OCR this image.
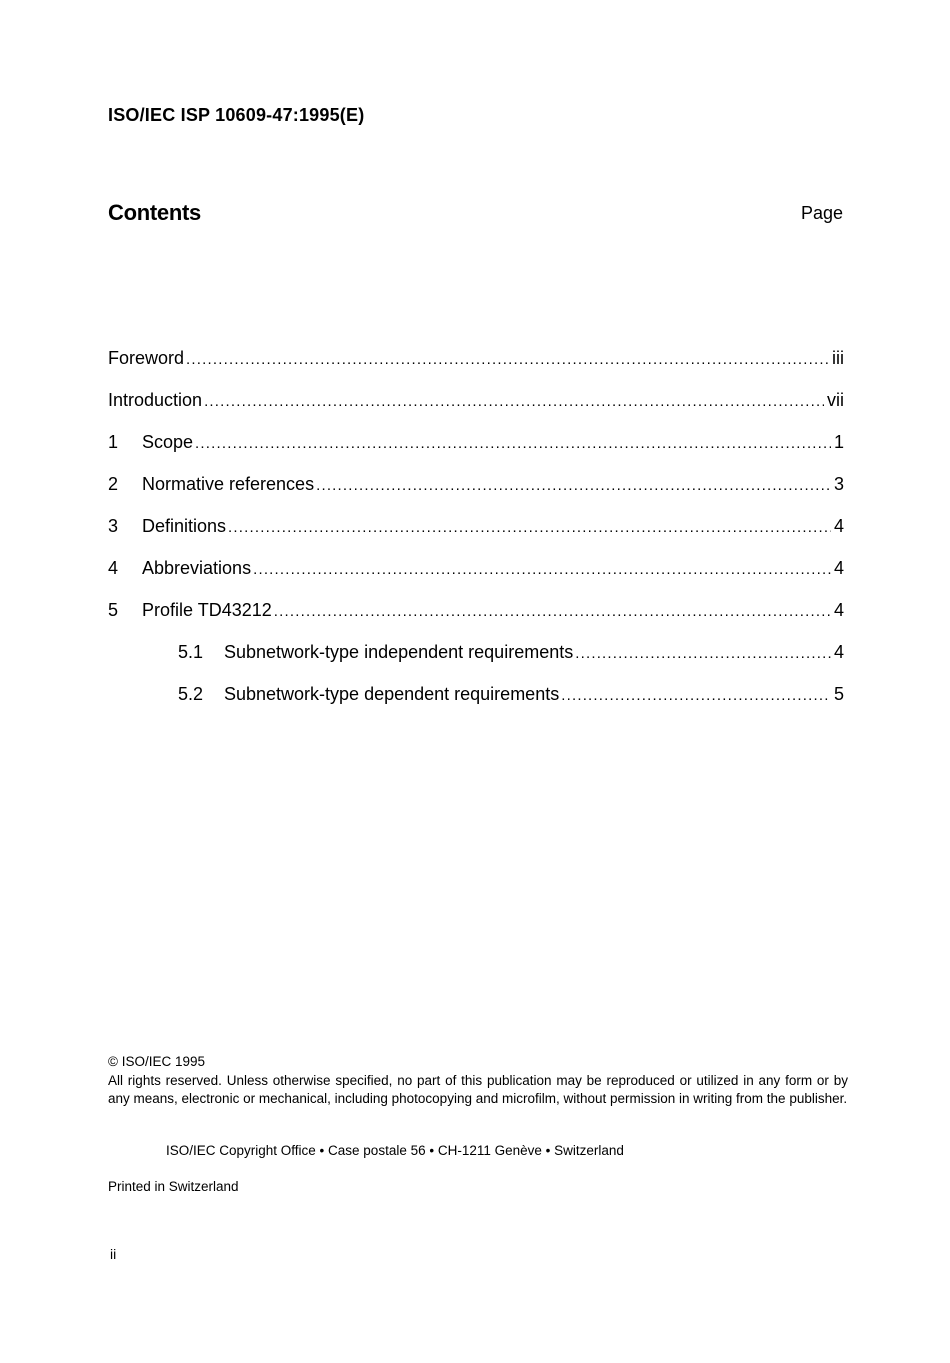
ISO/IEC ISP 10609-47:1995(E)
Contents	Page
Foreword .....	iii
Introduction .....	vii
1	Scope .....	1
2	Normative references .....	3
3	Definitions .....	4
4	Abbreviations .....	4
5	Profile TD43212 .....	4
5.1	Subnetwork-type independent requirements .....	4
5.2	Subnetwork-type dependent requirements .....	5
© ISO/IEC 1995
All rights reserved. Unless otherwise specified, no part of this publication may be reproduced or utilized in any form or by any means, electronic or mechanical, including photocopying and microfilm, without permission in writing from the publisher.
ISO/IEC Copyright Office • Case postale 56 • CH-1211 Genève • Switzerland
Printed in Switzerland
ii
